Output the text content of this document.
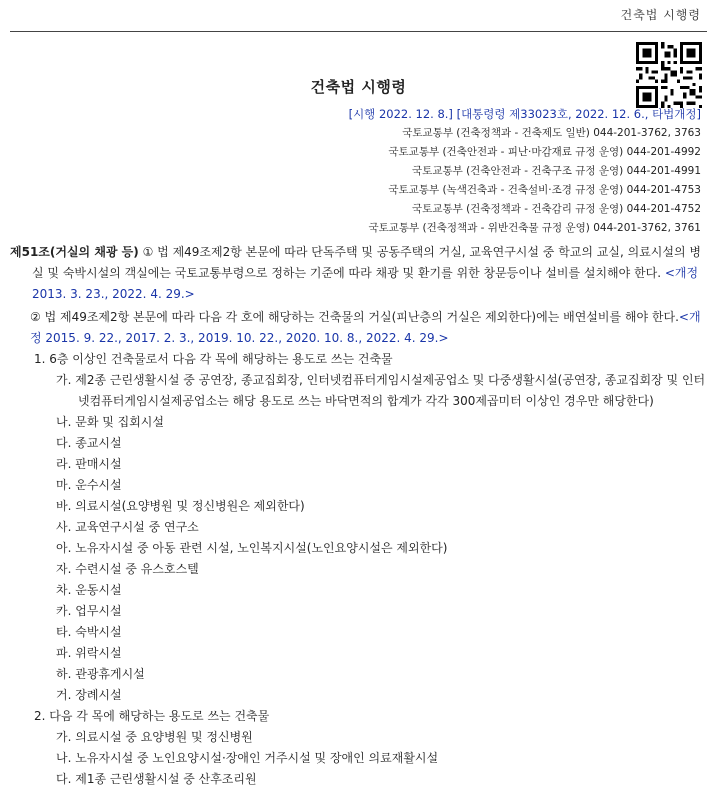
건축법 시행령
건축법 시행령
[시행 2022. 12. 8.] [대통령령 제33023호, 2022. 12. 6., 타법개정]
국토교통부 (건축정책과 - 건축제도 일반) 044-201-3762, 3763
국토교통부 (건축안전과 - 피난·마감재료 규정 운영) 044-201-4992
국토교통부 (건축안전과 - 건축구조 규정 운영) 044-201-4991
국토교통부 (녹색건축과 - 건축설비·조경 규정 운영) 044-201-4753
국토교통부 (건축정책과 - 건축감리 규정 운영) 044-201-4752
국토교통부 (건축정책과 - 위반건축물 규정 운영) 044-201-3762, 3761
제51조(거실의 채광 등) ① 법 제49조제2항 본문에 따라 단독주택 및 공동주택의 거실, 교육연구시설 중 학교의 교실, 의료시설의 병실 및 숙박시설의 객실에는 국토교통부령으로 정하는 기준에 따라 채광 및 환기를 위한 창문등이나 설비를 설치해야 한다. <개정 2013. 3. 23., 2022. 4. 29.>
② 법 제49조제2항 본문에 따라 다음 각 호에 해당하는 건축물의 거실(피난층의 거실은 제외한다)에는 배연설비를 해야 한다.<개정 2015. 9. 22., 2017. 2. 3., 2019. 10. 22., 2020. 10. 8., 2022. 4. 29.>
1. 6층 이상인 건축물로서 다음 각 목에 해당하는 용도로 쓰는 건축물
가. 제2종 근린생활시설 중 공연장, 종교집회장, 인터넷컴퓨터게임시설제공업소 및 다중생활시설(공연장, 종교집회장 및 인터넷컴퓨터게임시설제공업소는 해당 용도로 쓰는 바닥면적의 합계가 각각 300제곱미터 이상인 경우만 해당한다)
나. 문화 및 집회시설
다. 종교시설
라. 판매시설
마. 운수시설
바. 의료시설(요양병원 및 정신병원은 제외한다)
사. 교육연구시설 중 연구소
아. 노유자시설 중 아동 관련 시설, 노인복지시설(노인요양시설은 제외한다)
자. 수련시설 중 유스호스텔
차. 운동시설
카. 업무시설
타. 숙박시설
파. 위락시설
하. 관광휴게시설
거. 장례시설
2. 다음 각 목에 해당하는 용도로 쓰는 건축물
가. 의료시설 중 요양병원 및 정신병원
나. 노유자시설 중 노인요양시설·장애인 거주시설 및 장애인 의료재활시설
다. 제1종 근린생활시설 중 산후조리원
